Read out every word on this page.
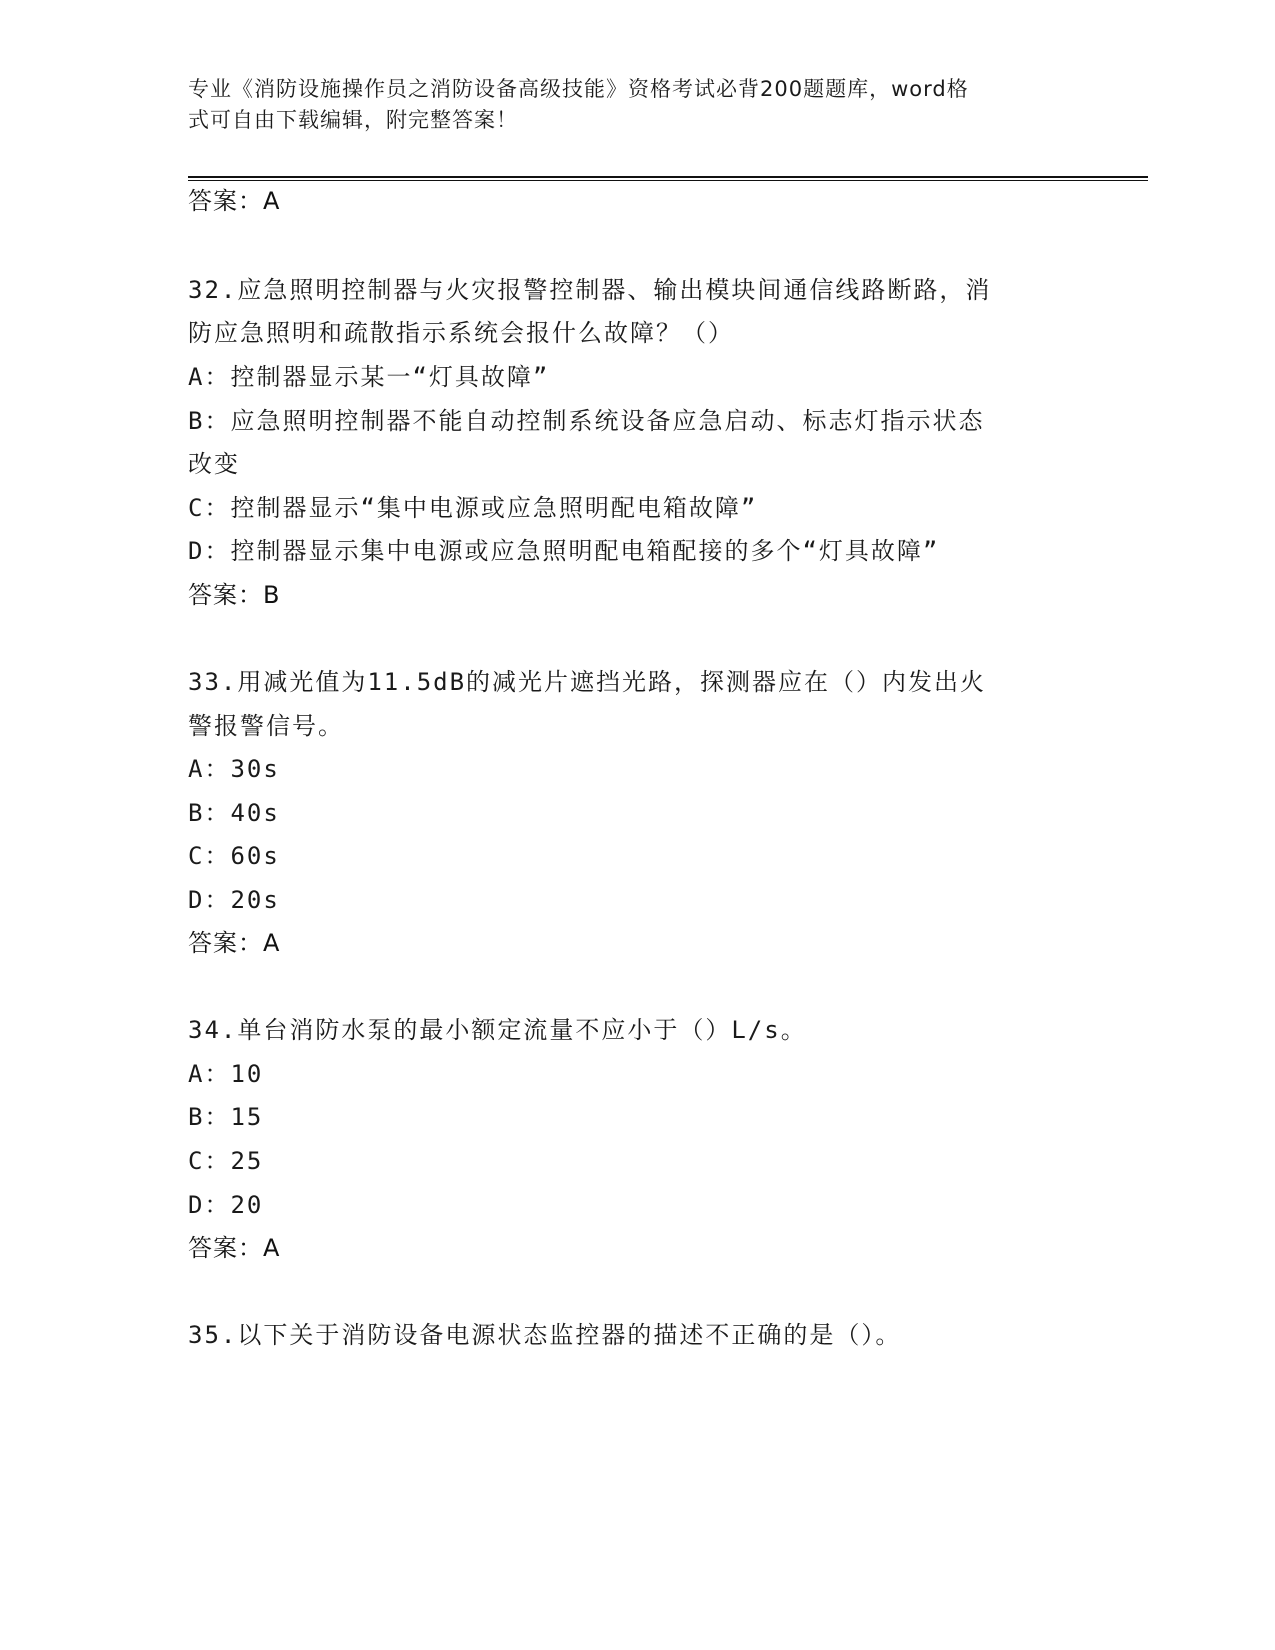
专业《消防设施操作员之消防设备高级技能》资格考试必背200题题库，word格
式可自由下载编辑，附完整答案！
答案：A
32.应急照明控制器与火灾报警控制器、输出模块间通信线路断路，消
防应急照明和疏散指示系统会报什么故障？（）
A：控制器显示某一“灯具故障”
B：应急照明控制器不能自动控制系统设备应急启动、标志灯指示状态
改变
C：控制器显示“集中电源或应急照明配电箱故障”
D：控制器显示集中电源或应急照明配电箱配接的多个“灯具故障”
答案：B
33.用减光值为11.5dB的减光片遮挡光路，探测器应在（）内发出火
警报警信号。
A：30s
B：40s
C：60s
D：20s
答案：A
34.单台消防水泵的最小额定流量不应小于（）L/s。
A：10
B：15
C：25
D：20
答案：A
35.以下关于消防设备电源状态监控器的描述不正确的是（）。
